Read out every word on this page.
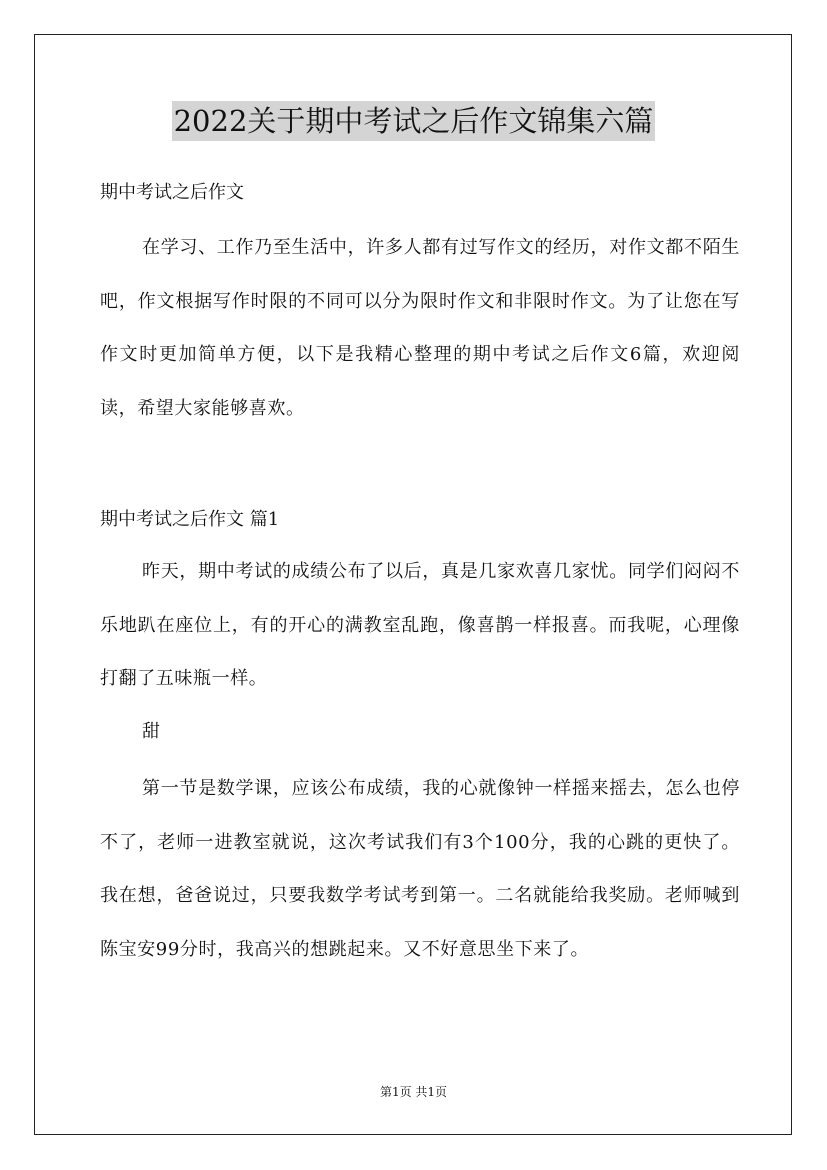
2022关于期中考试之后作文锦集六篇
期中考试之后作文
在学习、工作乃至生活中，许多人都有过写作文的经历，对作文都不陌生吧，作文根据写作时限的不同可以分为限时作文和非限时作文。为了让您在写作文时更加简单方便，以下是我精心整理的期中考试之后作文6篇，欢迎阅读，希望大家能够喜欢。
期中考试之后作文 篇1
昨天，期中考试的成绩公布了以后，真是几家欢喜几家忧。同学们闷闷不乐地趴在座位上，有的开心的满教室乱跑，像喜鹊一样报喜。而我呢，心理像打翻了五味瓶一样。
甜
第一节是数学课，应该公布成绩，我的心就像钟一样摇来摇去，怎么也停不了，老师一进教室就说，这次考试我们有3个100分，我的心跳的更快了。我在想，爸爸说过，只要我数学考试考到第一。二名就能给我奖励。老师喊到陈宝安99分时，我高兴的想跳起来。又不好意思坐下来了。
第1页 共1页
